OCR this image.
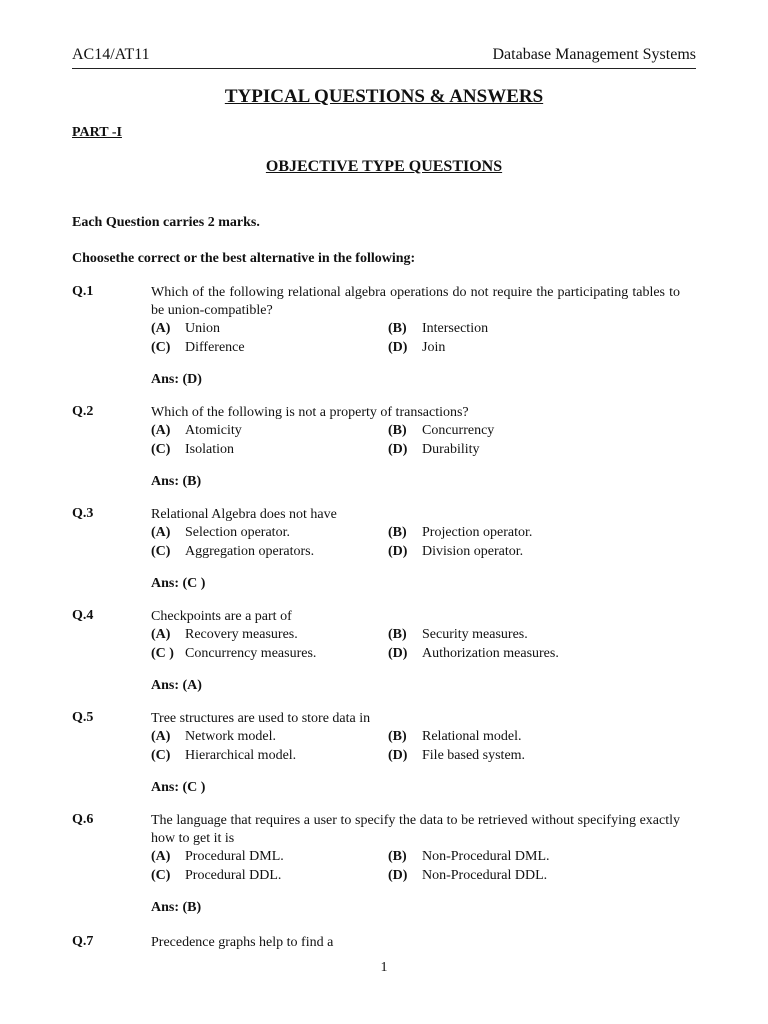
AC14/AT11	Database Management Systems
TYPICAL QUESTIONS & ANSWERS
PART -I
OBJECTIVE TYPE QUESTIONS
Each Question carries 2 marks.
Choosethe correct or the best alternative in the following:
Q.1	Which of the following relational algebra operations do not require the participating tables to be union-compatible?
(A) Union	(B) Intersection
(C) Difference	(D) Join
Ans: (D)
Q.2	Which of the following is not a property of transactions?
(A) Atomicity	(B) Concurrency
(C) Isolation	(D) Durability
Ans: (B)
Q.3	Relational Algebra does not have
(A) Selection operator.	(B) Projection operator.
(C) Aggregation operators.	(D) Division operator.
Ans: (C )
Q.4	Checkpoints are a part of
(A) Recovery measures.	(B) Security measures.
(C ) Concurrency measures.	(D) Authorization measures.
Ans: (A)
Q.5	Tree structures are used to store data in
(A) Network model.	(B) Relational model.
(C) Hierarchical model.	(D) File based system.
Ans: (C )
Q.6	The language that requires a user to specify the data to be retrieved without specifying exactly how to get it is
(A) Procedural DML.	(B) Non-Procedural DML.
(C) Procedural DDL.	(D) Non-Procedural DDL.
Ans: (B)
Q.7	Precedence graphs help to find a
1
